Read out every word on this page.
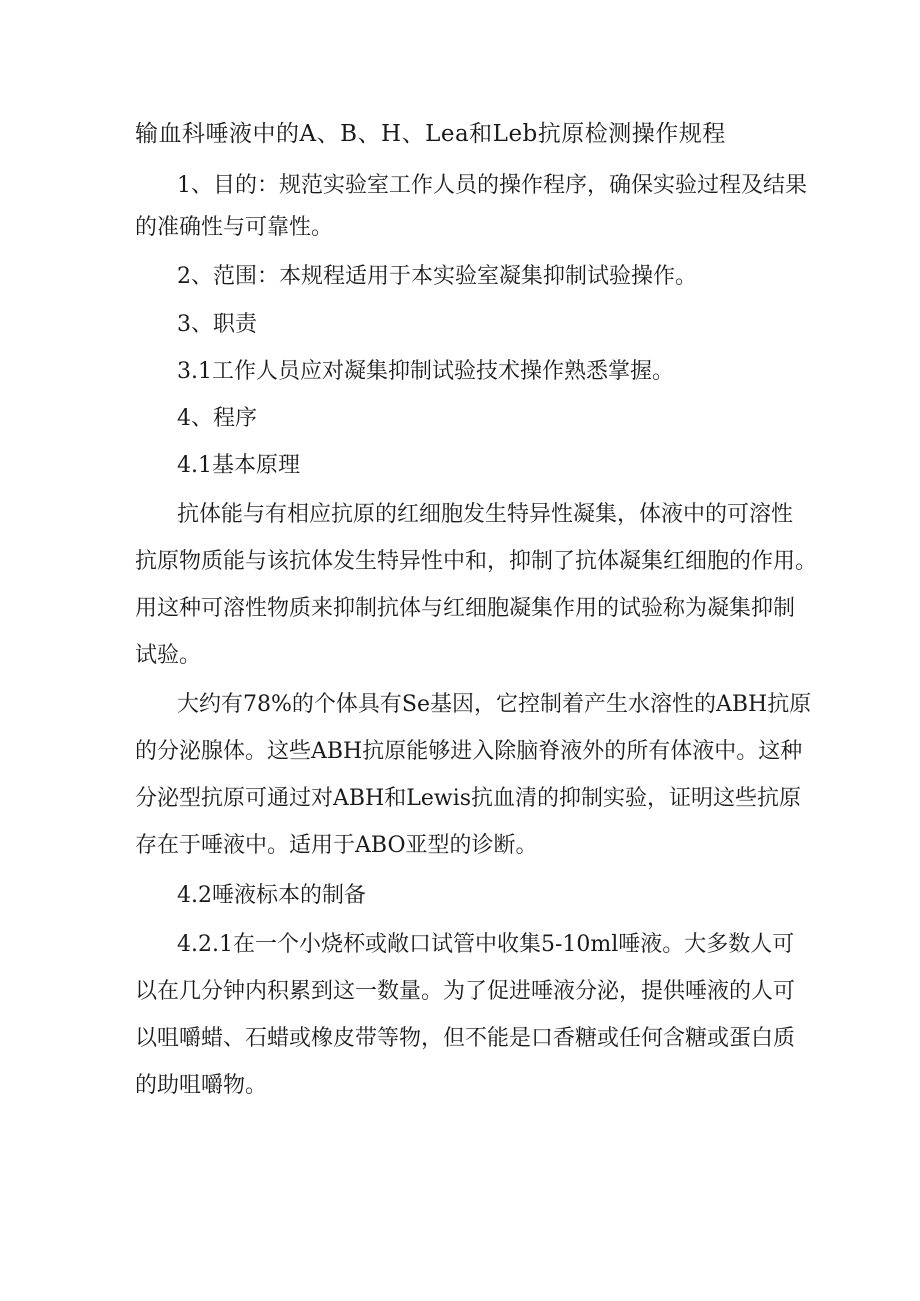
输血科唾液中的A、B、H、Lea和Leb抗原检测操作规程
1、目的：规范实验室工作人员的操作程序，确保实验过程及结果
的准确性与可靠性。
2、范围：本规程适用于本实验室凝集抑制试验操作。
3、职责
3.1工作人员应对凝集抑制试验技术操作熟悉掌握。
4、程序
4.1基本原理
抗体能与有相应抗原的红细胞发生特异性凝集，体液中的可溶性
抗原物质能与该抗体发生特异性中和，抑制了抗体凝集红细胞的作用。
用这种可溶性物质来抑制抗体与红细胞凝集作用的试验称为凝集抑制
试验。
大约有78%的个体具有Se基因，它控制着产生水溶性的ABH抗原
的分泌腺体。这些ABH抗原能够进入除脑脊液外的所有体液中。这种
分泌型抗原可通过对ABH和Lewis抗血清的抑制实验，证明这些抗原
存在于唾液中。适用于ABO亚型的诊断。
4.2唾液标本的制备
4.2.1在一个小烧杯或敞口试管中收集5-10ml唾液。大多数人可
以在几分钟内积累到这一数量。为了促进唾液分泌，提供唾液的人可
以咀嚼蜡、石蜡或橡皮带等物，但不能是口香糖或任何含糖或蛋白质
的助咀嚼物。
